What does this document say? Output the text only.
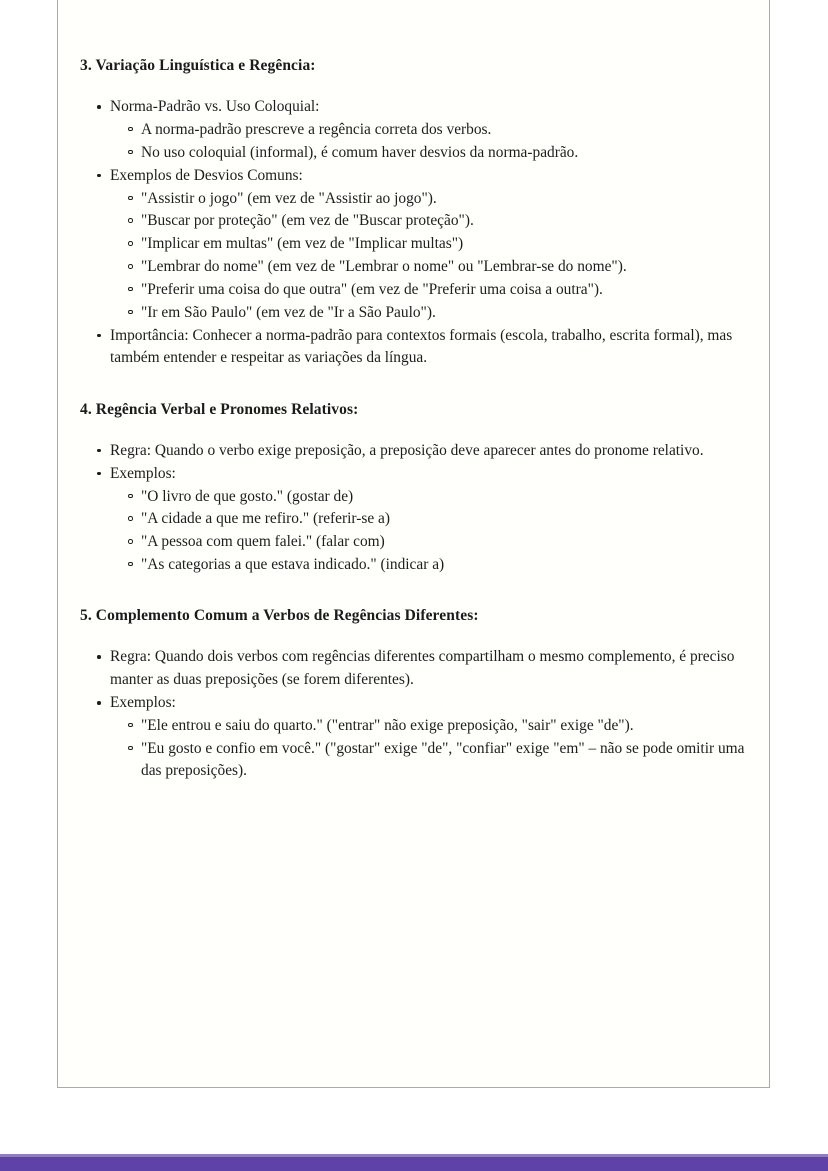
3. Variação Linguística e Regência:
Norma-Padrão vs. Uso Coloquial:
A norma-padrão prescreve a regência correta dos verbos.
No uso coloquial (informal), é comum haver desvios da norma-padrão.
Exemplos de Desvios Comuns:
"Assistir o jogo" (em vez de "Assistir ao jogo").
"Buscar por proteção" (em vez de "Buscar proteção").
"Implicar em multas" (em vez de "Implicar multas")
"Lembrar do nome" (em vez de "Lembrar o nome" ou "Lembrar-se do nome").
"Preferir uma coisa do que outra" (em vez de "Preferir uma coisa a outra").
"Ir em São Paulo" (em vez de "Ir a São Paulo").
Importância: Conhecer a norma-padrão para contextos formais (escola, trabalho, escrita formal), mas também entender e respeitar as variações da língua.
4. Regência Verbal e Pronomes Relativos:
Regra: Quando o verbo exige preposição, a preposição deve aparecer antes do pronome relativo.
Exemplos:
"O livro de que gosto." (gostar de)
"A cidade a que me refiro." (referir-se a)
"A pessoa com quem falei." (falar com)
"As categorias a que estava indicado." (indicar a)
5. Complemento Comum a Verbos de Regências Diferentes:
Regra: Quando dois verbos com regências diferentes compartilham o mesmo complemento, é preciso manter as duas preposições (se forem diferentes).
Exemplos:
"Ele entrou e saiu do quarto." ("entrar" não exige preposição, "sair" exige "de").
"Eu gosto e confio em você." ("gostar" exige "de", "confiar" exige "em" – não se pode omitir uma das preposições).
